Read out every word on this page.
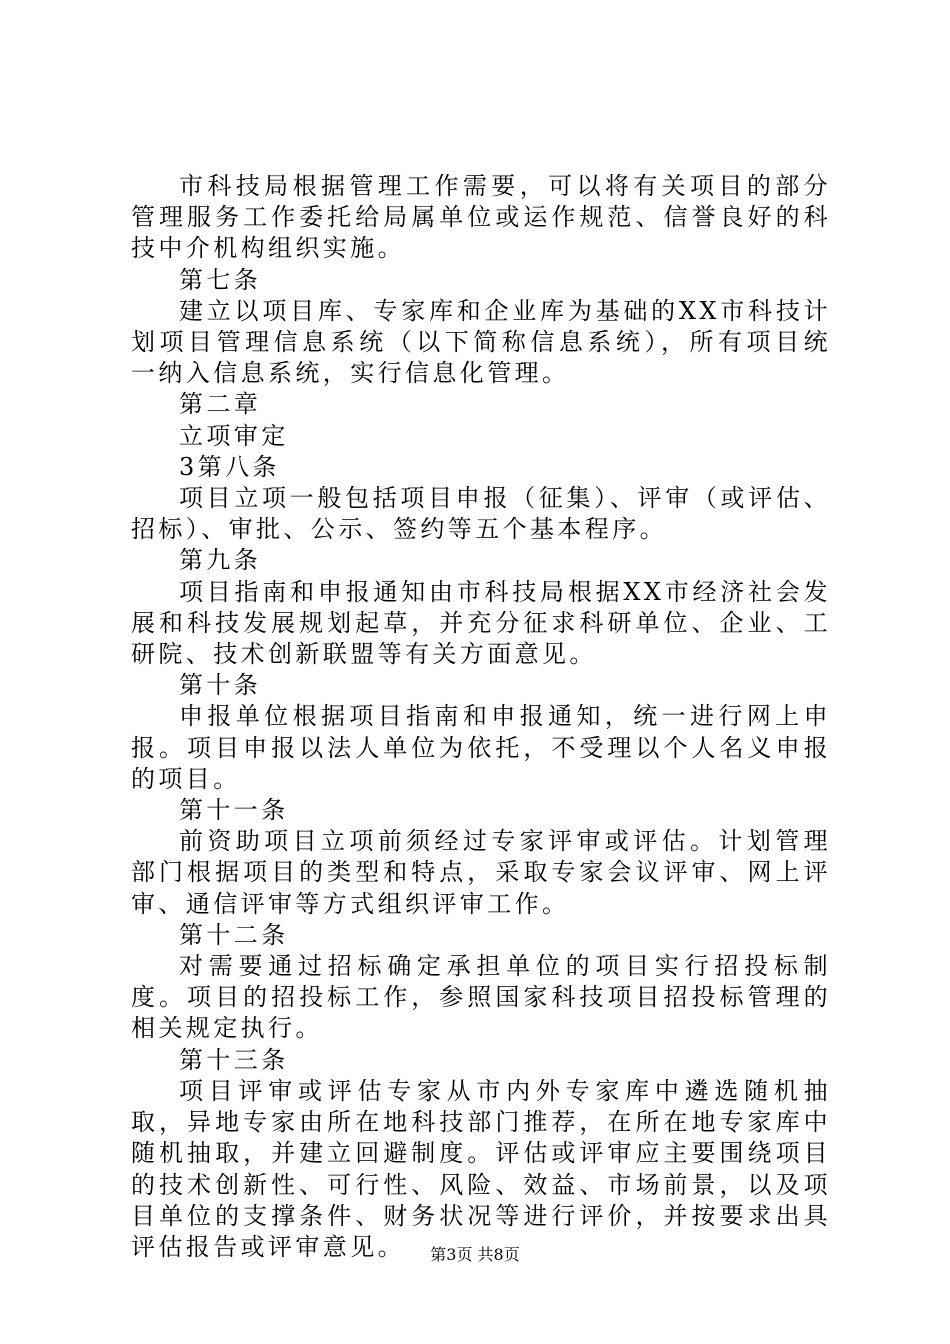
市科技局根据管理工作需要，可以将有关项目的部分管理服务工作委托给局属单位或运作规范、信誉良好的科技中介机构组织实施。

第七条

建立以项目库、专家库和企业库为基础的XX市科技计划项目管理信息系统（以下简称信息系统），所有项目统一纳入信息系统，实行信息化管理。

第二章

立项审定

3第八条

项目立项一般包括项目申报（征集）、评审（或评估、招标）、审批、公示、签约等五个基本程序。

第九条

项目指南和申报通知由市科技局根据XX市经济社会发展和科技发展规划起草，并充分征求科研单位、企业、工研院、技术创新联盟等有关方面意见。

第十条

申报单位根据项目指南和申报通知，统一进行网上申报。项目申报以法人单位为依托，不受理以个人名义申报的项目。

第十一条

前资助项目立项前须经过专家评审或评估。计划管理部门根据项目的类型和特点，采取专家会议评审、网上评审、通信评审等方式组织评审工作。

第十二条

对需要通过招标确定承担单位的项目实行招投标制度。项目的招投标工作，参照国家科技项目招投标管理的相关规定执行。

第十三条

项目评审或评估专家从市内外专家库中遴选随机抽取，异地专家由所在地科技部门推荐，在所在地专家库中随机抽取，并建立回避制度。评估或评审应主要围绕项目的技术创新性、可行性、风险、效益、市场前景，以及项目单位的支撑条件、财务状况等进行评价，并按要求出具评估报告或评审意见。	第3页 共8页
